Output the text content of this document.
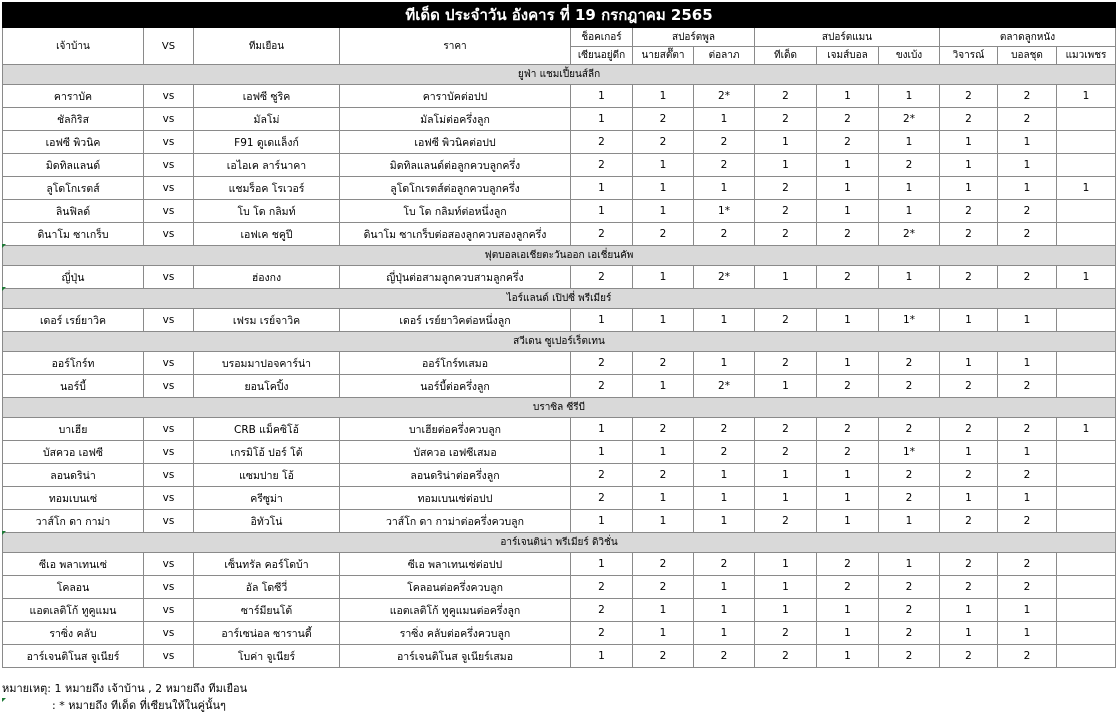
ทีเด็ด ประจำวัน อังคาร ที่ 19 กรกฎาคม 2565												
เจ้าบ้าน	VS	ทีมเยือน	ราคา	ช็อคเกอร์	สปอร์ตพูล		สปอร์ตแมน			ตลาดลูกหนัง		
				เซียนอยู่ดีก	นายสต๊๊ตา	ต่อลาภ	ทีเด็ด	เจมส์บอล	ขงเบ้ง	วิจารณ์	บอลชุด	แมวเพชร
ยูฟ่า แชมเปี้ยนส์ลีก												
คาราบัค	vs	เอฟซี ซูริค	คาราบัคต่อปป	1	1	2*	2	1	1	2	2	1
ชัลกิริส	vs	มัลโม่	มัลโม่ต่อครึ่งลูก	1	2	1	2	2	2*	2	2	
เอฟซี พิวนิค	vs	F91 ดูเดแล็งก์	เอฟซี พิวนิคต่อปป	2	2	2	1	2	1	1	1	
มิดทิลแลนด์	vs	เอไอเค ลาร์นาคา	มิดทิลแลนด์ต่อลูกควบลูกครึ่ง	2	1	2	1	1	2	1	1	
ลูโดโกเรตส์	vs	แชมร็อค โรเวอร์	ลูโดโกเรตส์ต่อลูกควบลูกครึ่ง	1	1	1	2	1	1	1	1	1
ลินฟิลด์	vs	โบ โด กลิมท์	โบ โด กลิมท์ต่อหนึ่งลูก	1	1	1*	2	1	1	2	2	
ดินาโม ซาเกร็บ	vs	เอฟเค ชคูปี	ดินาโม ซาเกร็บต่อสองลูกควบสองลูกครึ่ง	2	2	2	2	2	2*	2	2	
ฟุตบอลเอเชียตะวันออก เอเชี่ยนคัพ												
ญี่ปุ่น	vs	ฮ่องกง	ญี่ปุ่นต่อสามลูกควบสามลูกครึ่ง	2	1	2*	1	2	1	2	2	1
ไอร์แลนด์ เปิปซี่ พรีเมียร์												
เดอร์ เรย์ยาวิค	vs	เฟรม เรย์จาวิค	เดอร์ เรย์ยาวิคต่อหนึ่งลูก	1	1	1	2	1	1*	1	1	
สวีเดน ซูเปอร์เร็ตเทน												
ออร์โกร์ท	vs	บรอมมาปอจคาร์น่า	ออร์โกร์ทเสมอ	2	2	1	2	1	2	1	1	
นอร์บี้	vs	ยอนโคปิ้ง	นอร์บี้ต่อครึ่งลูก	2	1	2*	1	2	2	2	2	
บราซิล ซีรีบี												
บาเฮีย	vs	CRB แม็คซิโอ้	บาเฮียต่อครึ่งควบลูก	1	2	2	2	2	2	2	2	1
บัสควอ เอฟซี	vs	เกรมิโอ้ ปอร์ โต้	บัสควอ เอฟซีเสมอ	1	1	2	2	2	1*	1	1	
ลอนดริน่า	vs	แซมปาย โอ้	ลอนดริน่าต่อครึ่งลูก	2	2	1	1	1	2	2	2	
ทอมเบนเซ่	vs	ครีซูม่า	ทอมเบนเซ่ต่อปป	2	1	1	1	1	2	1	1	
วาส์โก ดา กาม่า	vs	อิทัวโน่	วาส์โก ดา กาม่าต่อครึ่งควบลูก	1	1	1	2	1	1	2	2	
อาร์เจนติน่า พรีเมียร์ ดิวิชั่น												
ซีเอ พลาเทนเซ่	vs	เซ็นทรัล คอร์โดบ้า	ซีเอ พลาเทนเซ่ต่อปป	1	2	2	1	2	1	2	2	
โคลอน	vs	อัล โดซีวี่	โคลอนต่อครึ่งควบลูก	2	2	1	1	2	2	2	2	
แอตเลติโก้ ทูคูแมน	vs	ซาร์มียนโต้	แอตเลติโก้ ทูคูแมนต่อครึ่งลูก	2	1	1	1	1	2	1	1	
ราซิ่ง คลับ	vs	อาร์เซน่อล ซารานดี้	ราซิ่ง คลับต่อครึ่งควบลูก	2	1	1	2	1	2	1	1	
อาร์เจนติโนส จูเนียร์	vs	โบค่า จูเนียร์	อาร์เจนติโนส จูเนียร์เสมอ	1	2	2	2	1	2	2	2	
หมายเหตุ: 1 หมายถึง เจ้าบ้าน , 2 หมายถึง ทีมเยือน
: * หมายถึง ทีเด็ด ที่เซียนให้ในคู่นั้นๆ
